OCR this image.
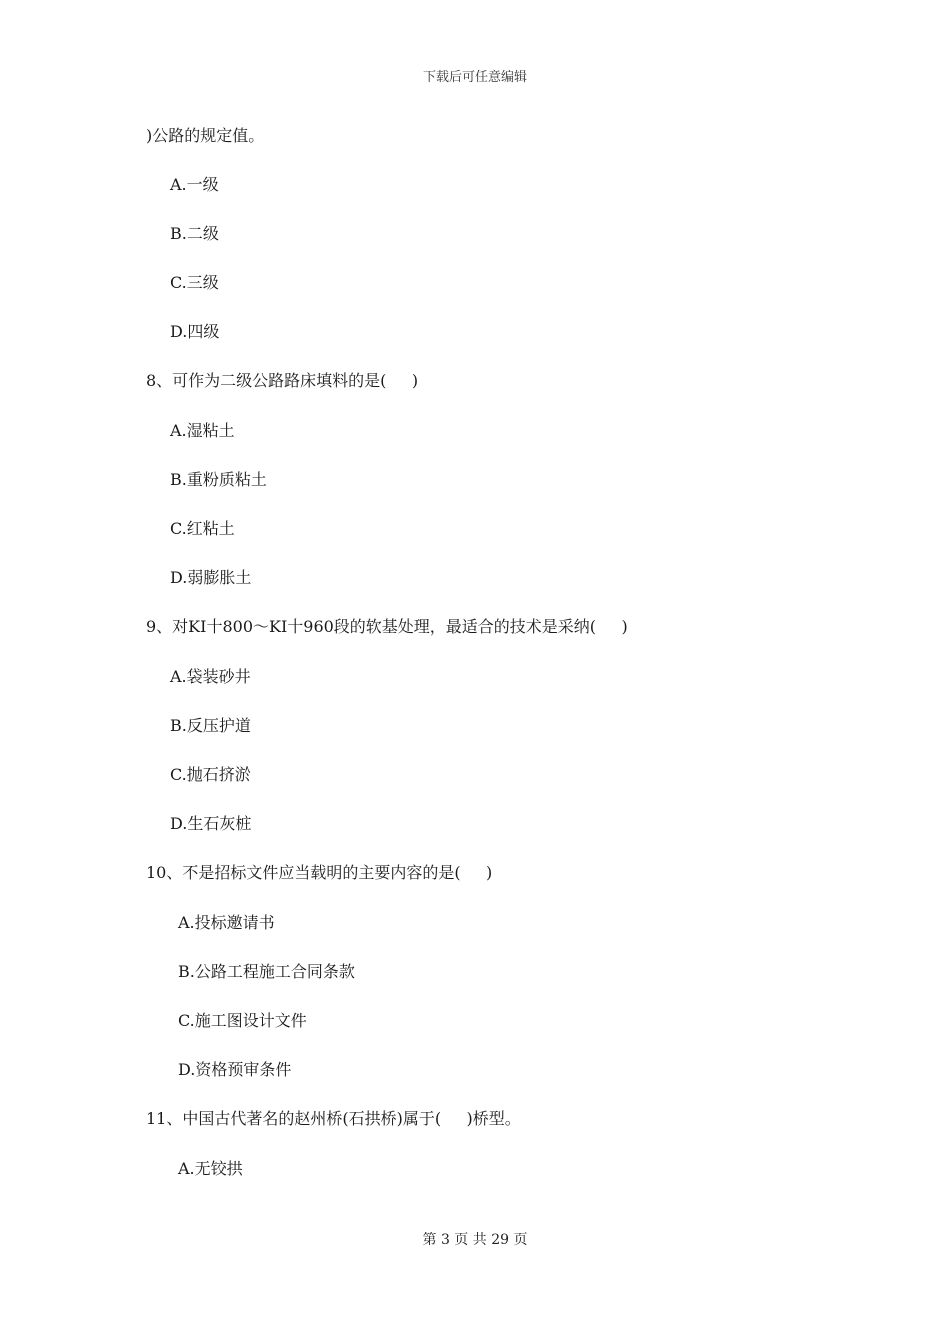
下载后可任意编辑
)公路的规定值。
A.一级
B.二级
C.三级
D.四级
8、可作为二级公路路床填料的是(     )
A.湿粘土
B.重粉质粘土
C.红粘土
D.弱膨胀土
9、对KI十800～KI十960段的软基处理，最适合的技术是采纳(     )
A.袋装砂井
B.反压护道
C.抛石挤淤
D.生石灰桩
10、不是招标文件应当载明的主要内容的是(     )
A.投标邀请书
B.公路工程施工合同条款
C.施工图设计文件
D.资格预审条件
11、中国古代著名的赵州桥(石拱桥)属于(     )桥型。
A.无铰拱
第 3 页 共 29 页
